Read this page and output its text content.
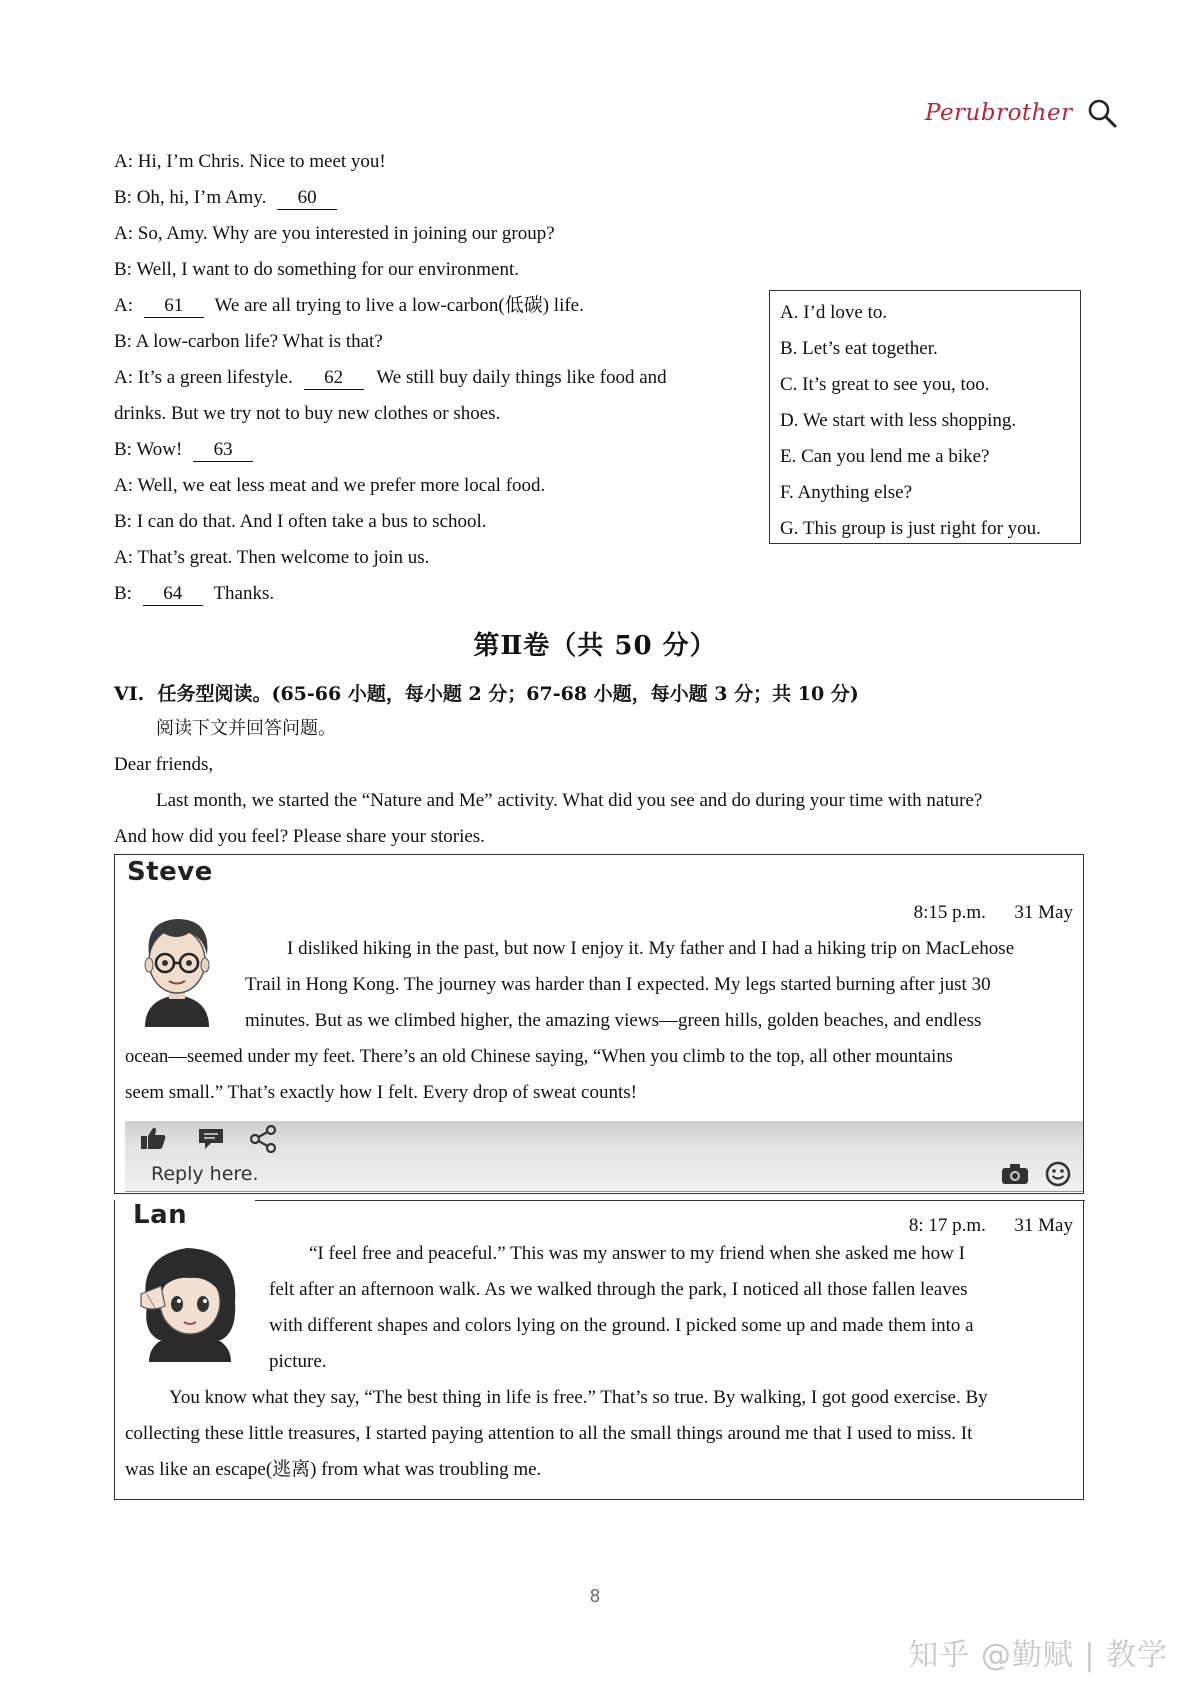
Perubrother
A: Hi, I’m Chris. Nice to meet you!
B: Oh, hi, I’m Amy. 60
A: So, Amy. Why are you interested in joining our group?
B: Well, I want to do something for our environment.
A: 61 We are all trying to live a low-carbon(低碳) life.
B: A low-carbon life? What is that?
A: It’s a green lifestyle. 62 We still buy daily things like food and
drinks. But we try not to buy new clothes or shoes.
B: Wow! 63
A: Well, we eat less meat and we prefer more local food.
B: I can do that. And I often take a bus to school.
A: That’s great. Then welcome to join us.
B: 64 Thanks.
A. I’d love to.
B. Let’s eat together.
C. It’s great to see you, too.
D. We start with less shopping.
E. Can you lend me a bike?
F. Anything else?
G. This group is just right for you.
第Ⅱ卷（共 50 分）
VI.  任务型阅读。(65-66 小题，每小题 2 分；67-68 小题，每小题 3 分；共 10 分)
阅读下文并回答问题。
Dear friends,
Last month, we started the “Nature and Me” activity. What did you see and do during your time with nature?
And how did you feel? Please share your stories.
Steve
8:15 p.m.      31 May
I disliked hiking in the past, but now I enjoy it. My father and I had a hiking trip on MacLehose
Trail in Hong Kong. The journey was harder than I expected. My legs started burning after just 30
minutes. But as we climbed higher, the amazing views—green hills, golden beaches, and endless
ocean—seemed under my feet. There’s an old Chinese saying, “When you climb to the top, all other mountains
seem small.” That’s exactly how I felt. Every drop of sweat counts!
Reply here.
Lan	8: 17 p.m.      31 May
“I feel free and peaceful.” This was my answer to my friend when she asked me how I
felt after an afternoon walk. As we walked through the park, I noticed all those fallen leaves
with different shapes and colors lying on the ground. I picked some up and made them into a
picture.
You know what they say, “The best thing in life is free.” That’s so true. By walking, I got good exercise. By
collecting these little treasures, I started paying attention to all the small things around me that I used to miss. It
was like an escape(逃离) from what was troubling me.
8
知乎 @勤赋 | 教学
